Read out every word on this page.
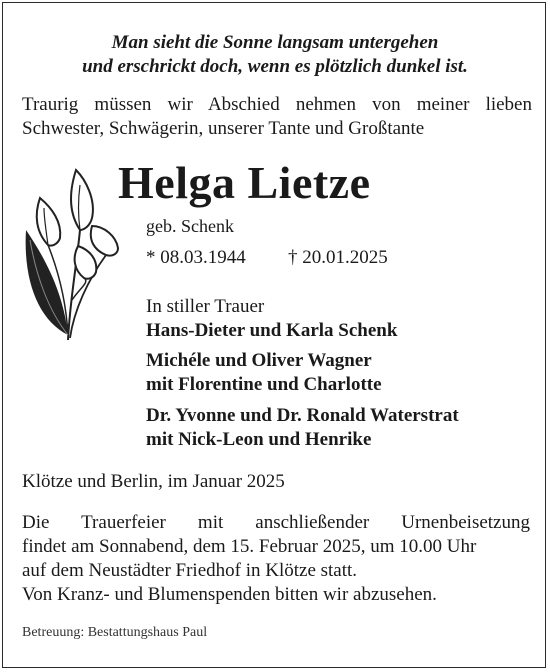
Man sieht die Sonne langsam untergehen
und erschrickt doch, wenn es plötzlich dunkel ist.
Traurig müssen wir Abschied nehmen von meiner lieben
Schwester, Schwägerin, unserer Tante und Großtante
Helga Lietze
geb. Schenk
* 08.03.1944 † 20.01.2025
In stiller Trauer
Hans-Dieter und Karla Schenk
Michéle und Oliver Wagner
mit Florentine und Charlotte
Dr. Yvonne und Dr. Ronald Waterstrat
mit Nick-Leon und Henrike
Klötze und Berlin, im Januar 2025
Die Trauerfeier mit anschließender Urnenbeisetzung
findet am Sonnabend, dem 15. Februar 2025, um 10.00 Uhr
auf dem Neustädter Friedhof in Klötze statt.
Von Kranz- und Blumenspenden bitten wir abzusehen.
Betreuung: Bestattungshaus Paul
